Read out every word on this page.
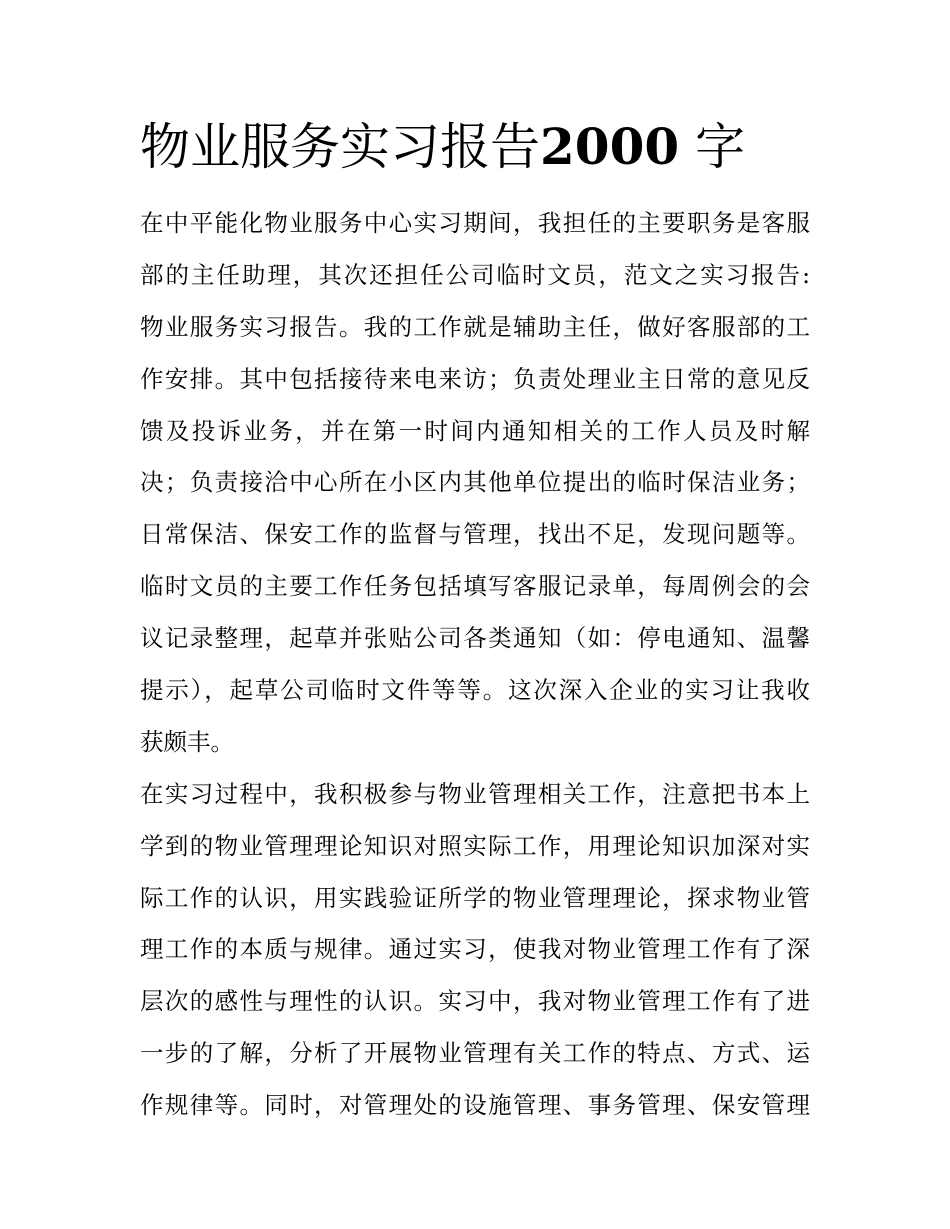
物业服务实习报告2000 字
在中平能化物业服务中心实习期间，我担任的主要职务是客服
部的主任助理，其次还担任公司临时文员，范文之实习报告:
物业服务实习报告。我的工作就是辅助主任，做好客服部的工
作安排。其中包括接待来电来访；负责处理业主日常的意见反
馈及投诉业务，并在第一时间内通知相关的工作人员及时解
决；负责接洽中心所在小区内其他单位提出的临时保洁业务；
日常保洁、保安工作的监督与管理，找出不足，发现问题等。
临时文员的主要工作任务包括填写客服记录单，每周例会的会
议记录整理，起草并张贴公司各类通知（如：停电通知、温馨
提示），起草公司临时文件等等。这次深入企业的实习让我收
获颇丰。
在实习过程中，我积极参与物业管理相关工作，注意把书本上
学到的物业管理理论知识对照实际工作，用理论知识加深对实
际工作的认识，用实践验证所学的物业管理理论，探求物业管
理工作的本质与规律。通过实习，使我对物业管理工作有了深
层次的感性与理性的认识。实习中，我对物业管理工作有了进
一步的了解，分析了开展物业管理有关工作的特点、方式、运
作规律等。同时，对管理处的设施管理、事务管理、保安管理
